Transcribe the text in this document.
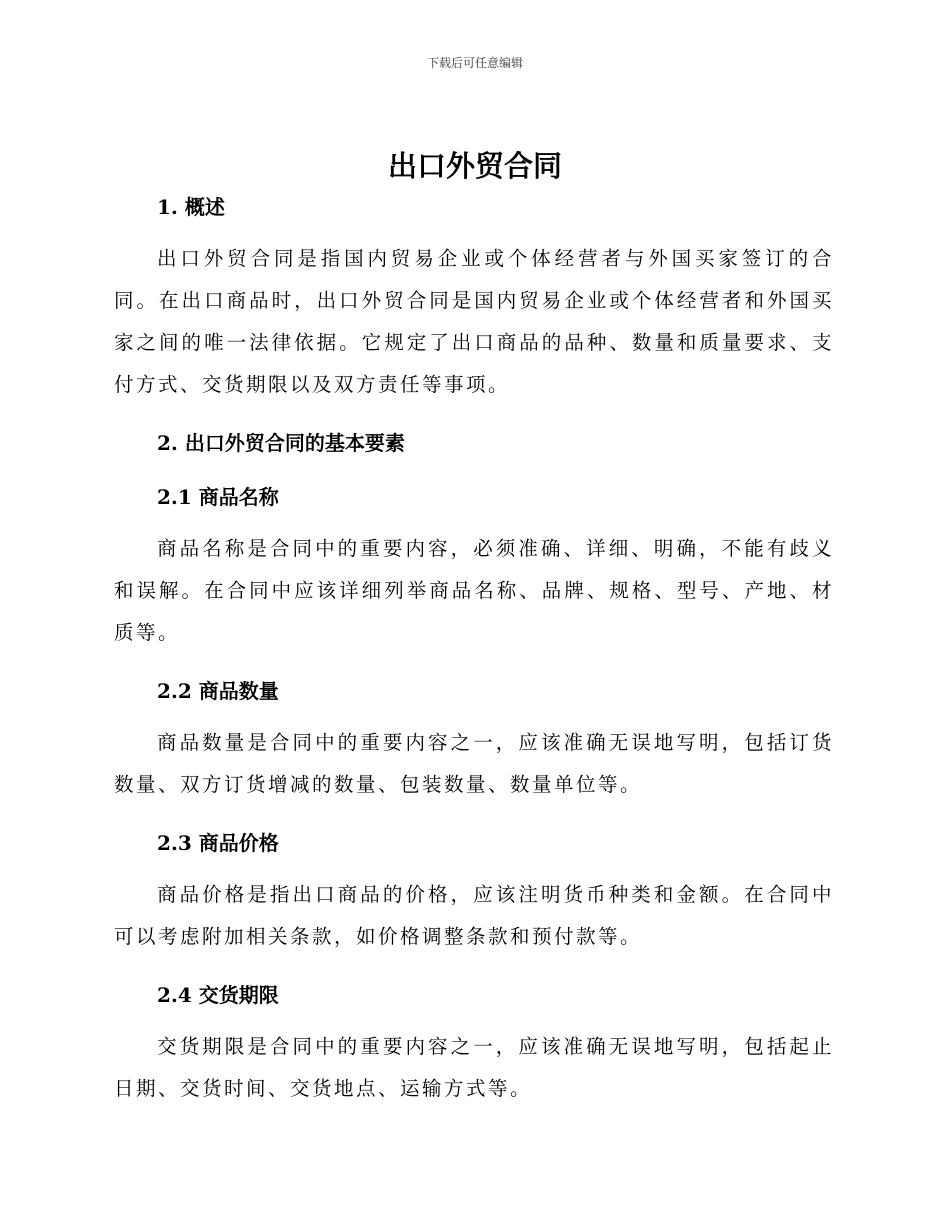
下载后可任意编辑
出口外贸合同
1. 概述

出口外贸合同是指国内贸易企业或个体经营者与外国买家签订的合同。在出口商品时，出口外贸合同是国内贸易企业或个体经营者和外国买家之间的唯一法律依据。它规定了出口商品的品种、数量和质量要求、支付方式、交货期限以及双方责任等事项。

2. 出口外贸合同的基本要素
2.1 商品名称

商品名称是合同中的重要内容，必须准确、详细、明确，不能有歧义和误解。在合同中应该详细列举商品名称、品牌、规格、型号、产地、材质等。

2.2 商品数量

商品数量是合同中的重要内容之一，应该准确无误地写明，包括订货数量、双方订货增减的数量、包装数量、数量单位等。

2.3 商品价格

商品价格是指出口商品的价格，应该注明货币种类和金额。在合同中可以考虑附加相关条款，如价格调整条款和预付款等。

2.4 交货期限

交货期限是合同中的重要内容之一，应该准确无误地写明，包括起止日期、交货时间、交货地点、运输方式等。
